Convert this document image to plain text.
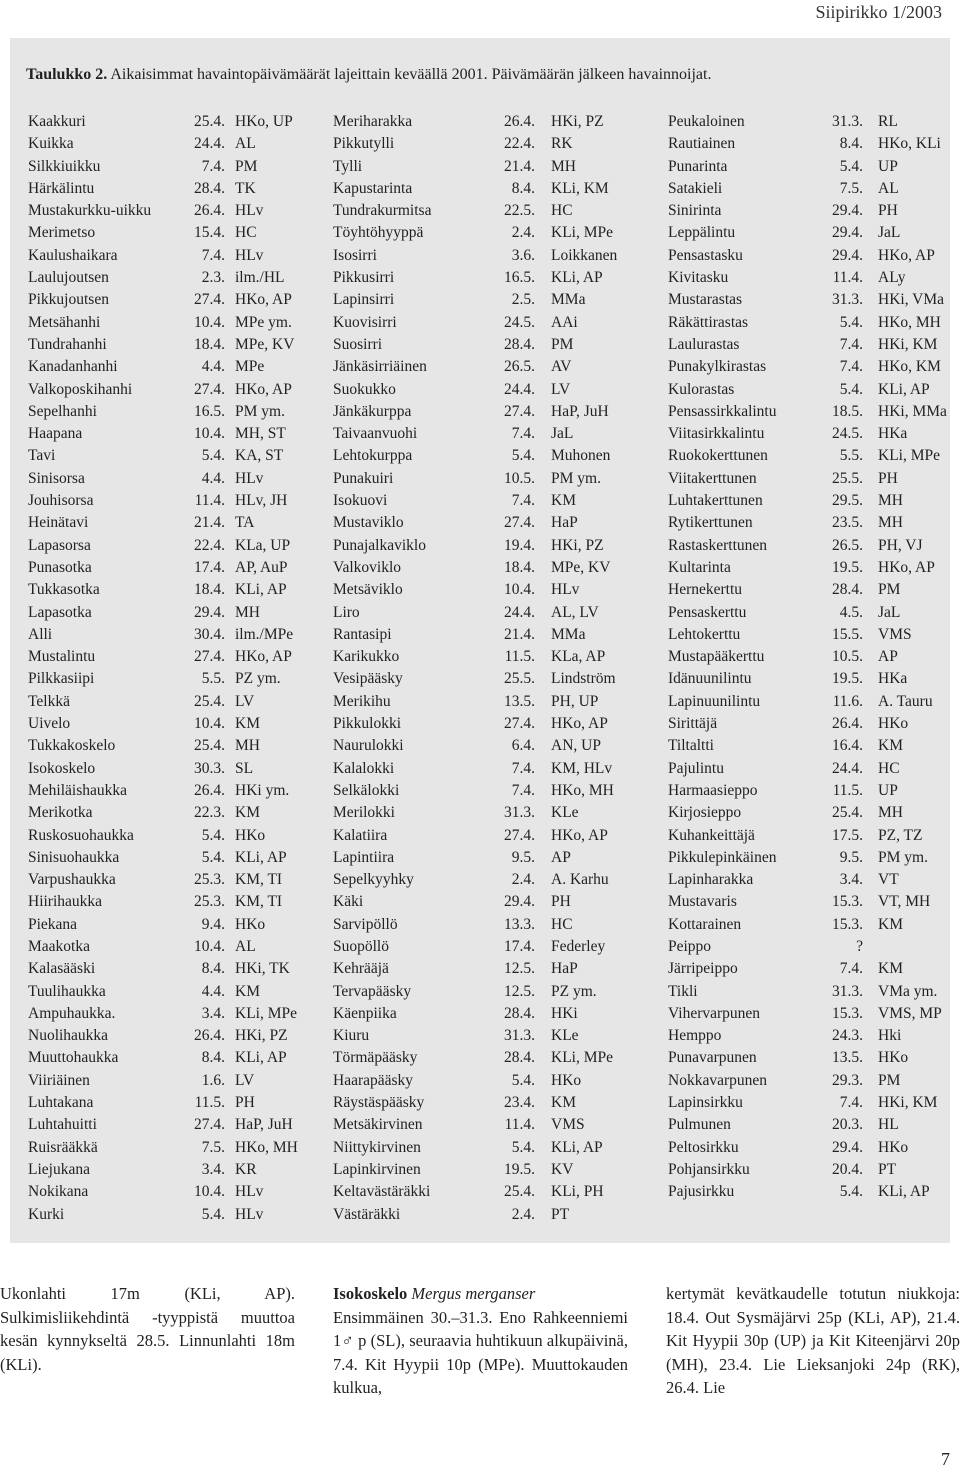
Siipirikko 1/2003
Taulukko 2. Aikaisimmat havaintopäivämäärät lajeittain keväällä 2001. Päivämäärän jälkeen havainnoijat.
Kaakkuri	25.4. HKo, UP
Kuikka	24.4. AL
Silkkiuikku	7.4. PM
Härkälintu	28.4. TK
Mustakurkku-uikku	26.4. HLv
Merimetso	15.4. HC
Kaulushaikara	7.4. HLv
Laulujoutsen	2.3. ilm./HL
Pikkujoutsen	27.4. HKo, AP
Metsähanhi	10.4. MPe ym.
Tundrahanhi	18.4. MPe, KV
Kanadanhanhi	4.4. MPe
Valkoposkihanhi	27.4. HKo, AP
Sepelhanhi	16.5. PM ym.
Haapana	10.4. MH, ST
Tavi	5.4. KA, ST
Sinisorsa	4.4. HLv
Jouhisorsa	11.4. HLv, JH
Heinätavi	21.4. TA
Lapasorsa	22.4. KLa, UP
Punasotka	17.4. AP, AuP
Tukkasotka	18.4. KLi, AP
Lapasotka	29.4. MH
Alli	30.4. ilm./MPe
Mustalintu	27.4. HKo, AP
Pilkkasiipi	5.5. PZ ym.
Telkkä	25.4. LV
Uivelo	10.4. KM
Tukkakoskelo	25.4. MH
Isokoskelo	30.3. SL
Mehiläishaukka	26.4. HKi ym.
Merikotka	22.3. KM
Ruskosuohaukka	5.4. HKo
Sinisuohaukka	5.4. KLi, AP
Varpushaukka	25.3. KM, TI
Hiirihaukka	25.3. KM, TI
Piekana	9.4. HKo
Maakotka	10.4. AL
Kalasääski	8.4. HKi, TK
Tuulihaukka	4.4. KM
Ampuhaukka.	3.4. KLi, MPe
Nuolihaukka	26.4. HKi, PZ
Muuttohaukka	8.4. KLi, AP
Viiriäinen	1.6. LV
Luhtakana	11.5. PH
Luhtahuitti	27.4. HaP, JuH
Ruisrääkkä	7.5. HKo, MH
Liejukana	3.4. KR
Nokikana	10.4. HLv
Kurki	5.4. HLv
Meriharakka	26.4. HKi, PZ
Pikkutylli	22.4. RK
Tylli	21.4. MH
Kapustarinta	8.4. KLi, KM
Tundrakurmitsa	22.5. HC
Töyhtöhyyppä	2.4. KLi, MPe
Isosirri	3.6. Loikkanen
Pikkusirri	16.5. KLi, AP
Lapinsirri	2.5. MMa
Kuovisirri	24.5. AAi
Suosirri	28.4. PM
Jänkäsirriäinen	26.5. AV
Suokukko	24.4. LV
Jänkäkurppa	27.4. HaP, JuH
Taivaanvuohi	7.4. JaL
Lehtokurppa	5.4. Muhonen
Punakuiri	10.5. PM ym.
Isokuovi	7.4. KM
Mustaviklo	27.4. HaP
Punajalkaviklo	19.4. HKi, PZ
Valkoviklo	18.4. MPe, KV
Metsäviklo	10.4. HLv
Liro	24.4. AL, LV
Rantasipi	21.4. MMa
Karikukko	11.5. KLa, AP
Vesipääsky	25.5. Lindström
Merikihu	13.5. PH, UP
Pikkulokki	27.4. HKo, AP
Naurulokki	6.4. AN, UP
Kalalokki	7.4. KM, HLv
Selkälokki	7.4. HKo, MH
Merilokki	31.3. KLe
Kalatiira	27.4. HKo, AP
Lapintiira	9.5. AP
Sepelkyyhky	2.4. A. Karhu
Käki	29.4. PH
Sarvipöllö	13.3. HC
Suopöllö	17.4. Federley
Kehrääjä	12.5. HaP
Tervapääsky	12.5. PZ ym.
Käenpiika	28.4. HKi
Kiuru	31.3. KLe
Törmäpääsky	28.4. KLi, MPe
Haarapääsky	5.4. HKo
Räystäspääsky	23.4. KM
Metsäkirvinen	11.4. VMS
Niittykirvinen	5.4. KLi, AP
Lapinkirvinen	19.5. KV
Keltavästäräkki	25.4. KLi, PH
Västäräkki	2.4. PT
Peukaloinen	31.3. RL
Rautiainen	8.4. HKo, KLi
Punarinta	5.4. UP
Satakieli	7.5. AL
Sinirinta	29.4. PH
Leppälintu	29.4. JaL
Pensastasku	29.4. HKo, AP
Kivitasku	11.4. ALy
Mustarastas	31.3. HKi, VMa
Räkättirastas	5.4. HKo, MH
Laulurastas	7.4. HKi, KM
Punakylkirastas	7.4. HKo, KM
Kulorastas	5.4. KLi, AP
Pensassirkkalintu	18.5. HKi, MMa
Viitasirkkalintu	24.5. HKa
Ruokokerttunen	5.5. KLi, MPe
Viitakerttunen	25.5. PH
Luhtakerttunen	29.5. MH
Rytikerttunen	23.5. MH
Rastaskerttunen	26.5. PH, VJ
Kultarinta	19.5. HKo, AP
Hernekerttu	28.4. PM
Pensaskerttu	4.5. JaL
Lehtokerttu	15.5. VMS
Mustapääkerttu	10.5. AP
Idänuunilintu	19.5. HKa
Lapinuunilintu	11.6. A. Tauru
Sirittäjä	26.4. HKo
Tiltaltti	16.4. KM
Pajulintu	24.4. HC
Harmaasieppo	11.5. UP
Kirjosieppo	25.4. MH
Kuhankeittäjä	17.5. PZ, TZ
Pikkulepinkäinen	9.5. PM ym.
Lapinharakka	3.4. VT
Mustavaris	15.3. VT, MH
Kottarainen	15.3. KM
Peippo	?
Järripeippo	7.4. KM
Tikli	31.3. VMa ym.
Vihervarpunen	15.3. VMS, MP
Hemppo	24.3. Hki
Punavarpunen	13.5. HKo
Nokkavarpunen	29.3. PM
Lapinsirkku	7.4. HKi, KM
Pulmunen	20.3. HL
Peltosirkku	29.4. HKo
Pohjansirkku	20.4. PT
Pajusirkku	5.4. KLi, AP

Ukonlahti 17m (KLi, AP). Sulkimisliikehdintä -tyyppistä muuttoa kesän kynnykseltä 28.5. Linnunlahti 18m (KLi).

Isokoskelo Mergus merganser
Ensimmäinen 30.–31.3. Eno Rahkeenniemi 1♂ p (SL), seuraavia huhtikuun alkupäivinä, 7.4. Kit Hyypii 10p (MPe). Muuttokauden kulkua,

kertymät kevätkaudelle totutun niukkoja: 18.4. Out Sysmäjärvi 25p (KLi, AP), 21.4. Kit Hyypii 30p (UP) ja Kit Kiteenjärvi 20p (MH), 23.4. Lie Lieksanjoki 24p (RK), 26.4. Lie

7
